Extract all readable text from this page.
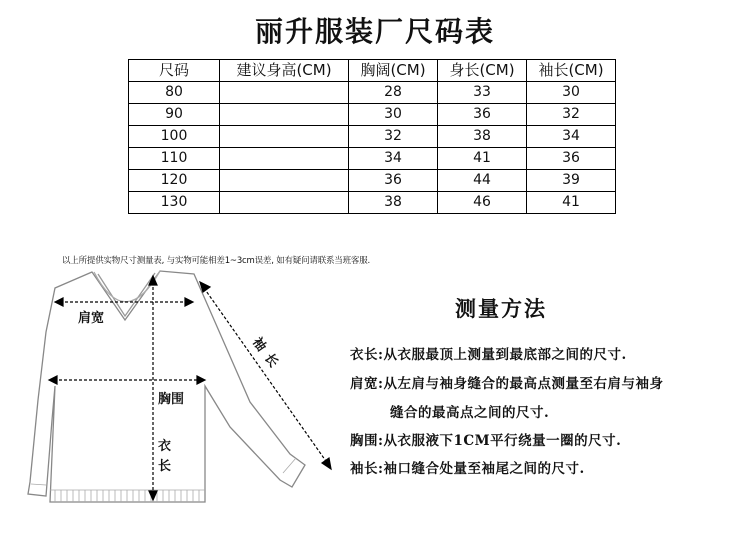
丽升服装厂尺码表
尺码	建议身高(CM)	胸阔(CM)	身长(CM)	袖长(CM)
80		28	33	30
90		30	36	32
100		32	38	34
110		34	41	36
120		36	44	39
130		38	46	41
以上所提供实物尺寸测量表, 与实物可能相差1~3cm误差, 如有疑问请联系当班客服.
肩宽
胸围
衣
长
袖
长
测量方法
衣长:从衣服最顶上测量到最底部之间的尺寸.
肩宽:从左肩与袖身缝合的最高点测量至右肩与袖身
缝合的最高点之间的尺寸.
胸围:从衣服液下1CM平行绕量一圈的尺寸.
袖长:袖口缝合处量至袖尾之间的尺寸.
